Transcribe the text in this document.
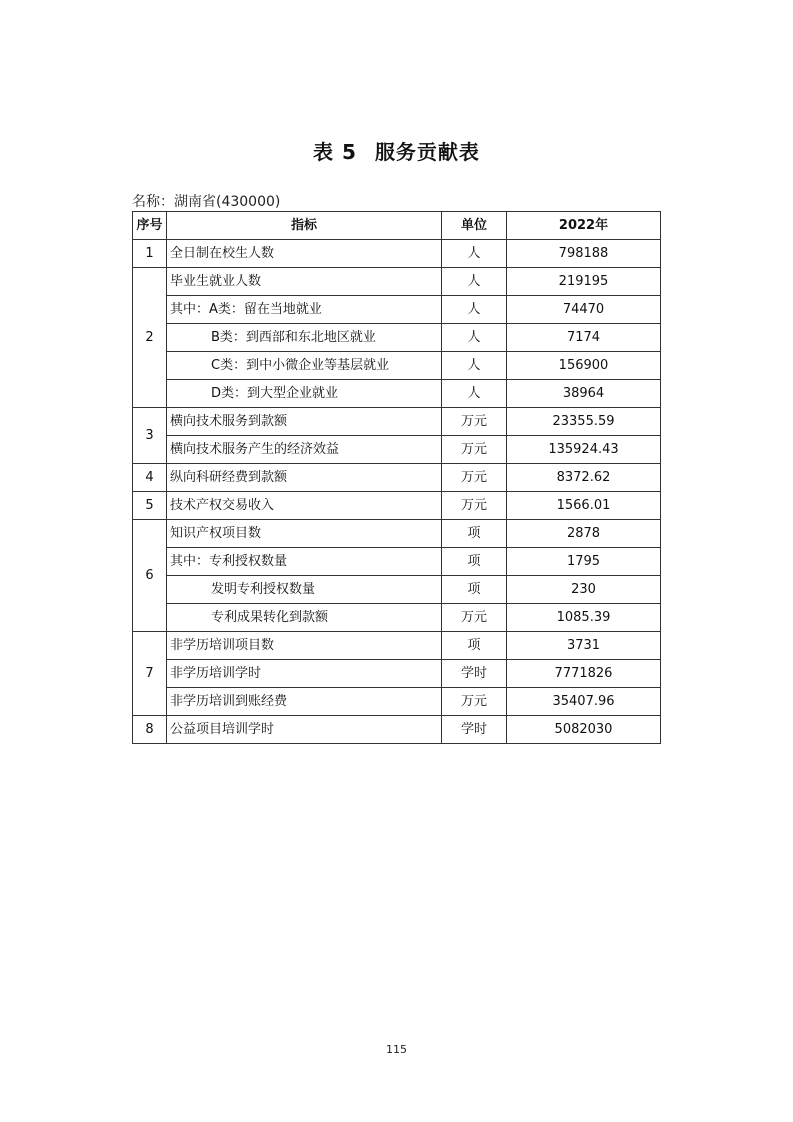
表 5 服务贡献表
名称：湖南省(430000)
序号	指标	单位	2022年
1	全日制在校生人数	人	798188
2	毕业生就业人数	人	219195
	其中：A类：留在当地就业	人	74470
	B类：到西部和东北地区就业	人	7174
	C类：到中小微企业等基层就业	人	156900
	D类：到大型企业就业	人	38964
3	横向技术服务到款额	万元	23355.59
	横向技术服务产生的经济效益	万元	135924.43
4	纵向科研经费到款额	万元	8372.62
5	技术产权交易收入	万元	1566.01
6	知识产权项目数	项	2878
	其中：专利授权数量	项	1795
	发明专利授权数量	项	230
	专利成果转化到款额	万元	1085.39
7	非学历培训项目数	项	3731
	非学历培训学时	学时	7771826
	非学历培训到账经费	万元	35407.96
8	公益项目培训学时	学时	5082030
115
